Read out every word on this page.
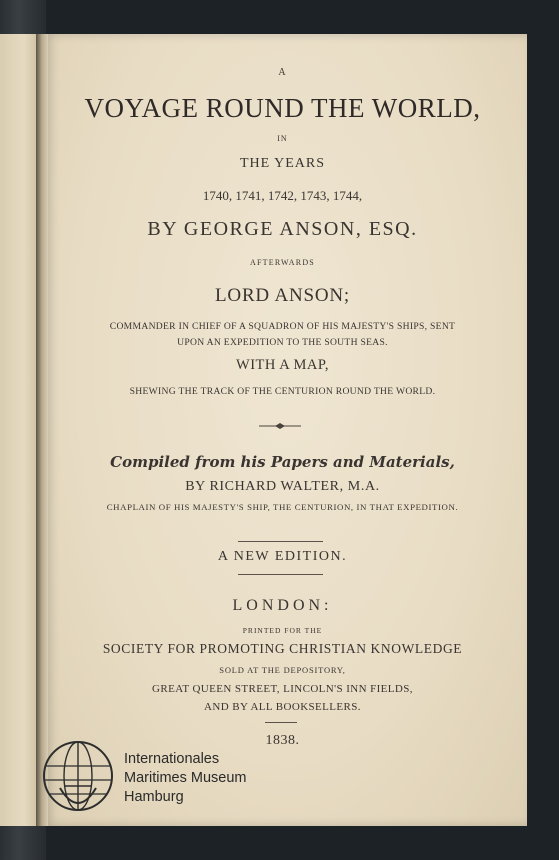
A
VOYAGE ROUND THE WORLD,
IN
THE YEARS
1740, 1741, 1742, 1743, 1744,
BY GEORGE ANSON, ESQ.
AFTERWARDS
LORD ANSON;
COMMANDER IN CHIEF OF A SQUADRON OF HIS MAJESTY'S SHIPS, SENT
UPON AN EXPEDITION TO THE SOUTH SEAS.
WITH A MAP,
SHEWING THE TRACK OF THE CENTURION ROUND THE WORLD.
Compiled from his Papers and Materials,
BY RICHARD WALTER, M.A.
CHAPLAIN OF HIS MAJESTY'S SHIP, THE CENTURION, IN THAT EXPEDITION.
A NEW EDITION.
LONDON:
PRINTED FOR THE
SOCIETY FOR PROMOTING CHRISTIAN KNOWLEDGE
SOLD AT THE DEPOSITORY,
GREAT QUEEN STREET, LINCOLN'S INN FIELDS,
AND BY ALL BOOKSELLERS.
1838.
Internationales
Maritimes Museum
Hamburg
